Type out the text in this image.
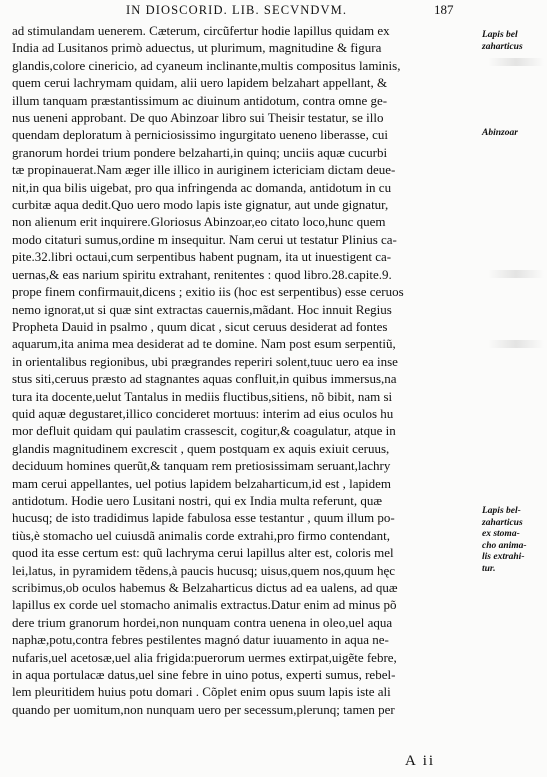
IN DIOSCORID. LIB. SECVNDVM.	187
ad stimulandam uenerem. Cæterum, circũfertur hodie lapillus quidam ex
India ad Lusitanos primò aduectus, ut plurimum, magnitudine & figura
glandis,colore cinericio, ad cyaneum inclinante,multis compositus laminis,
quem cerui lachrymam quidam, alii uero lapidem belzahart appellant, &
illum tanquam præstantissimum ac diuinum antidotum, contra omne ge-
nus ueneni approbant. De quo Abinzoar libro sui Theisir testatur, se illo
quendam deploratum à perniciosissimo ingurgitato ueneno liberasse, cui
granorum hordei trium pondere belzaharti,in quinq; unciis aquæ cucurbi
tæ propinauerat.Nam æger ille illico in auriginem ictericiam dictam deue-
nit,in qua bilis uigebat, pro qua infringenda ac domanda, antidotum in cu
curbitæ aqua dedit.Quo uero modo lapis iste gignatur, aut unde gignatur,
non alienum erit inquirere.Gloriosus Abinzoar,eo citato loco,hunc quem
modo citaturi sumus,ordine m insequitur. Nam cerui ut testatur Plinius ca-
pite.32.libri octaui,cum serpentibus habent pugnam, ita ut inuestigent ca-
uernas,& eas narium spiritu extrahant, renitentes : quod libro.28.capite.9.
prope finem confirmauit,dicens ; exitio iis (hoc est serpentibus) esse ceruos
nemo ignorat,ut si quæ sint extractas cauernis,mãdant. Hoc innuit Regius
Propheta Dauid in psalmo , quum dicat , sicut ceruus desiderat ad fontes
aquarum,ita anima mea desiderat ad te domine. Nam post esum serpentiũ,
in orientalibus regionibus, ubi prægrandes reperiri solent,tuuc uero ea inse
stus siti,ceruus præsto ad stagnantes aquas confluit,in quibus immersus,na
tura ita docente,uelut Tantalus in mediis fluctibus,sitiens, nõ bibit, nam si
quid aquæ degustaret,illico concideret mortuus: interim ad eius oculos hu
mor defluit quidam qui paulatim crassescit, cogitur,& coagulatur, atque in
glandis magnitudinem excrescit , quem postquam ex aquis exiuit ceruus,
deciduum homines querũt,& tanquam rem pretiosissimam seruant,lachry
mam cerui appellantes, uel potius lapidem belzaharticum,id est , lapidem
antidotum. Hodie uero Lusitani nostri, qui ex India multa referunt, quæ
hucusq; de isto tradidimus lapide fabulosa esse testantur , quum illum po-
tiùs,è stomacho uel cuiusdã animalis corde extrahi,pro firmo contendant,
quod ita esse certum est: quũ lachryma cerui lapillus alter est, coloris mel
lei,latus, in pyramidem tẽdens,à paucis hucusq; uisus,quem nos,quum hęc
scribimus,ob oculos habemus & Belzaharticus dictus ad ea ualens, ad quæ
lapillus ex corde uel stomacho animalis extractus.Datur enim ad minus põ
dere trium granorum hordei,non nunquam contra uenena in oleo,uel aqua
naphæ,potu,contra febres pestilentes magnó datur iuuamento in aqua ne-
nufaris,uel acetosæ,uel alia frigida:puerorum uermes extirpat,uigẽte febre,
in aqua portulacæ datus,uel sine febre in uino potus, experti sumus, rebel-
lem pleuritidem huius potu domari . Cõplet enim opus suum lapis iste ali
quando per uomitum,non nunquam uero per secessum,plerunq; tamen per
Lapis bel
zaharticus
Abinzoar
Lapis bel-
zaharticus
ex stoma-
cho anima-
lis extrahi-
tur.
A ii
